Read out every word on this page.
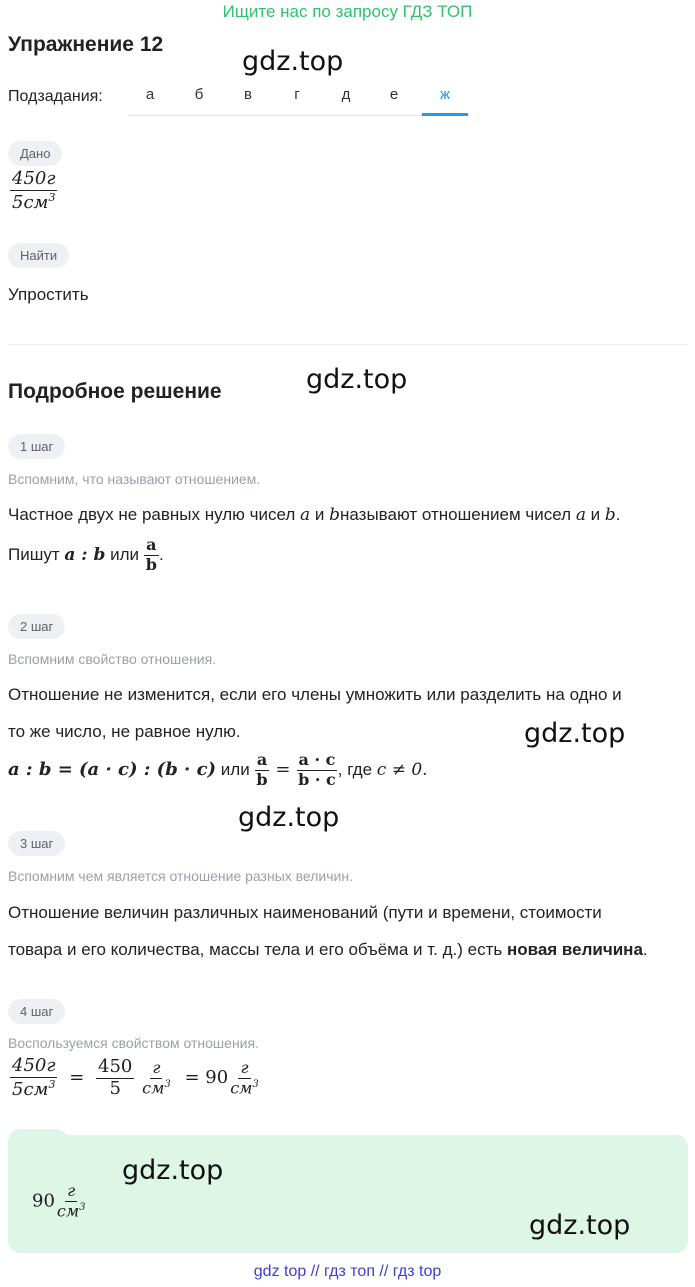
Ищите нас по запросу ГДЗ ТОП
Упражнение 12
gdz.top
Подзадания:	а	б	в	г	д	е	ж
Дано
$\frac{450г}{5см^3}$
Найти
Упростить
Подробное решение	gdz.top
1 шаг
Вспомним, что называют отношением.
Частное двух не равных нулю чисел a и bназывают отношением чисел a и b.
Пишут a : b или $\frac{a}{b}$ .
2 шаг
Вспомним свойство отношения.
Отношение не изменится, если его члены умножить или разделить на одно и
то же число, не равное нулю.	gdz.top
a : b = (a · c) : (b · c) или $\frac{a}{b} = \frac{a \cdot c}{b \cdot c}$ , где c ≠ 0.
gdz.top
3 шаг
Вспомним чем является отношение разных величин.
Отношение величин различных наименований (пути и времени, стоимости
товара и его количества, массы тела и его объёма и т. д.) есть новая величина.
4 шаг
Воспользуемся свойством отношения.
$\frac{450г}{5см^3} = \frac{450}{5}$
$\frac{г}{см^3} = 90 \frac{г}{см^3}$
$90 \frac{г}{см^3}$
gdz.top
gdz.top
gdz top // гдз топ // гдз top
